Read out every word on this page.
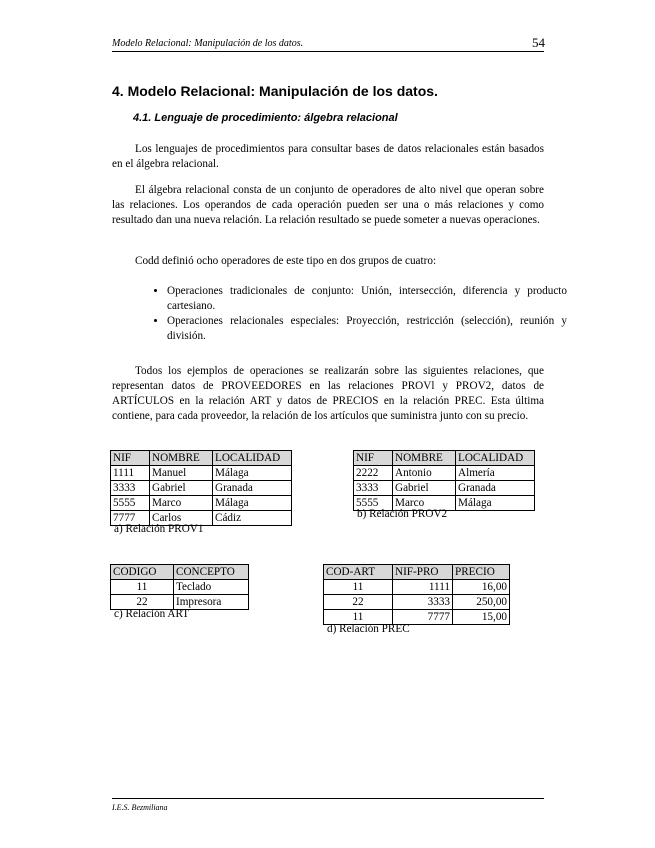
Modelo Relacional: Manipulación de los datos.	54
4. Modelo Relacional: Manipulación de los datos.
4.1. Lenguaje de procedimiento: álgebra relacional
Los lenguajes de procedimientos para consultar bases de datos relacionales están basados en el álgebra relacional.
El álgebra relacional consta de un conjunto de operadores de alto nivel que operan sobre las relaciones. Los operandos de cada operación pueden ser una o más relaciones y como resultado dan una nueva relación. La relación resultado se puede someter a nuevas operaciones.
Codd definió ocho operadores de este tipo en dos grupos de cuatro:
• Operaciones tradicionales de conjunto: Unión, intersección, diferencia y producto cartesiano.
• Operaciones relacionales especiales: Proyección, restricción (selección), reunión y división.
Todos los ejemplos de operaciones se realizarán sobre las siguientes relaciones, que representan datos de PROVEEDORES en las relaciones PROVl y PROV2, datos de ARTÍCULOS en la relación ART y datos de PRECIOS en la relación PREC. Esta última contiene, para cada proveedor, la relación de los artículos que suministra junto con su precio.
NIF	NOMBRE	LOCALIDAD
1111	Manuel	Málaga
3333	Gabriel	Granada
5555	Marco	Málaga
7777	Carlos	Cádiz
a) Relación PROV1
NIF	NOMBRE	LOCALIDAD
2222	Antonio	Almería
3333	Gabriel	Granada
5555	Marco	Málaga
b) Relación PROV2
CODIGO	CONCEPTO
11	Teclado
22	Impresora
c) Relación ART
COD-ART	NIF-PRO	PRECIO
11	1111	16,00
22	3333	250,00
11	7777	15,00
d) Relación PREC
I.E.S. Bezmiliana
